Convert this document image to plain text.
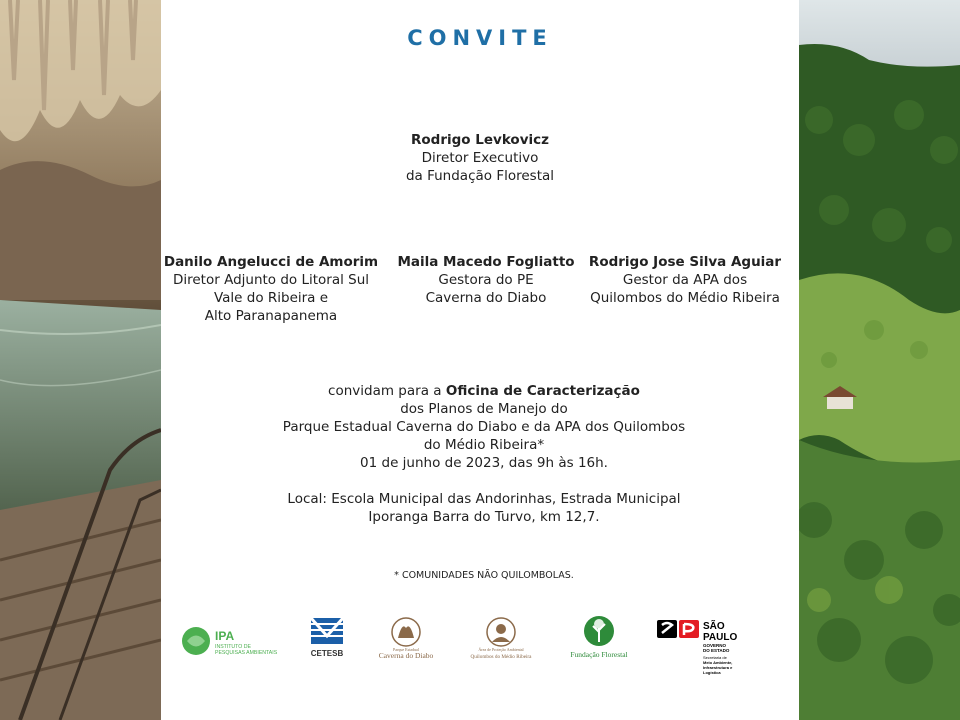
CONVITE
Rodrigo Levkovicz
Diretor Executivo
da Fundação Florestal
Danilo Angelucci de Amorim
Diretor Adjunto do Litoral Sul
Vale do Ribeira e
Alto Paranapanema
Maila Macedo Fogliatto
Gestora do PE
Caverna do Diabo
Rodrigo Jose Silva Aguiar
Gestor da APA dos
Quilombos do Médio Ribeira
convidam para a Oficina de Caracterização
dos Planos de Manejo do
Parque Estadual Caverna do Diabo e da APA dos Quilombos
do Médio Ribeira*
01 de junho de 2023, das 9h às 16h.
Local: Escola Municipal das Andorinhas, Estrada Municipal
Iporanga Barra do Turvo, km 12,7.
* COMUNIDADES NÃO QUILOMBOLAS.
IPA
INSTITUTO DE
PESQUISAS AMBIENTAIS	CETESB	Parque Estadual
Caverna do Diabo
Área de Proteção Ambiental
Quilombos do Médio Ribeira	Fundação Florestal
SÃO
PAULO
GOVERNO
DO ESTADO
Secretaria de
Meio Ambiente,
Infraestrutura e
Logística
